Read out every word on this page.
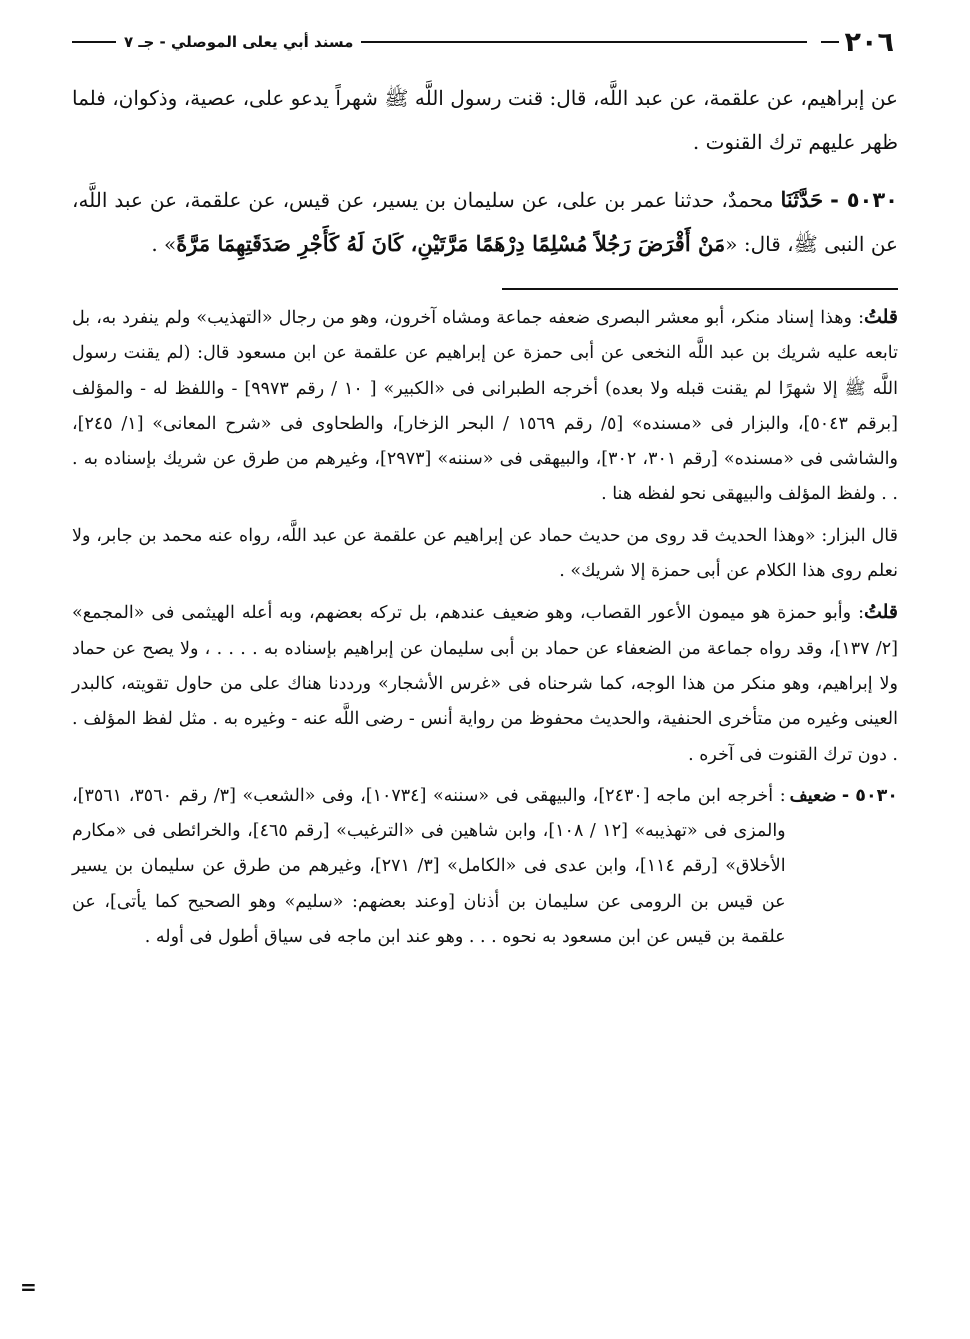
٢٠٦
مسند أبي يعلى الموصلي - جـ ٧

عن إبراهيم، عن علقمة، عن عبد اللَّه، قال: قنت رسول اللَّه ﷺ شهراً يدعو على، عصية، وذكوان، فلما ظهر عليهم ترك القنوت .

٥٠٣٠ - حَدَّثَنَا محمدٌ، حدثنا عمر بن على، عن سليمان بن يسير، عن قيس، عن علقمة، عن عبد اللَّه، عن النبى ﷺ، قال: «مَنْ أَقْرَضَ رَجُلاً مُسْلِمًا دِرْهَمًا مَرَّتَيْنِ، كَانَ لَهُ كَأَجْرِ صَدَقَتِهِمَا مَرَّةً» .

قلتُ: وهذا إسناد منكر، أبو معشر البصرى ضعفه جماعة ومشاه آخرون، وهو من رجال «التهذيب» ولم ينفرد به، بل تابعه عليه شريك بن عبد اللَّه النخعى عن أبى حمزة عن إبراهيم عن علقمة عن ابن مسعود قال: (لم يقنت رسول اللَّه ﷺ إلا شهرًا لم يقنت قبله ولا بعده) أخرجه الطبرانى فى «الكبير» [ ١٠ / رقم ٩٩٧٣] - واللفظ له - والمؤلف [برقم ٥٠٤٣]، والبزار فى «مسنده» [٥/ رقم ١٥٦٩ / البحر الزخار]، والطحاوى فى «شرح المعانى» [١/ ٢٤٥]، والشاشى فى «مسنده» [رقم ٣٠١، ٣٠٢]، والبيهقى فى «سننه» [٢٩٧٣]، وغيرهم من طرق عن شريك بإسناده به . . . ولفظ المؤلف والبيهقى نحو لفظه هنا .

قال البزار: «وهذا الحديث قد روى من حديث حماد عن إبراهيم عن علقمة عن عبد اللَّه، رواه عنه محمد بن جابر، ولا نعلم روى هذا الكلام عن أبى حمزة إلا شريك» .

قلتُ: وأبو حمزة هو ميمون الأعور القصاب، وهو ضعيف عندهم، بل تركه بعضهم، وبه أعله الهيثمى فى «المجمع» [٢/ ١٣٧]، وقد رواه جماعة من الضعفاء عن حماد بن أبى سليمان عن إبراهيم بإسناده به . . . . ، ولا يصح عن حماد ولا إبراهيم، وهو منكر من هذا الوجه، كما شرحناه فى «غرس الأشجار» ورددنا هناك على من حاول تقويته، كالبدر العينى وغيره من متأخرى الحنفية، والحديث محفوظ من رواية أنس - رضى اللَّه عنه - وغيره به . مثل لفظ المؤلف . . دون ترك القنوت فى آخره .

٥٠٣٠ - ضعيف
: أخرجه ابن ماجه [٢٤٣٠]، والبيهقى فى «سننه» [١٠٧٣٤]، وفى «الشعب» [٣/ رقم ٣٥٦٠، ٣٥٦١]، والمزى فى «تهذيبه» [١٢ / ١٠٨]، وابن شاهين فى «الترغيب» [رقم ٤٦٥]، والخرائطى فى «مكارم الأخلاق» [رقم ١١٤]، وابن عدى فى «الكامل» [٣/ ٢٧١]، وغيرهم من طرق عن سليمان بن يسير عن قيس بن الرومى عن سليمان بن أذنان [وعند بعضهم: «سليم» وهو الصحيح كما يأتى]، عن علقمة بن قيس عن ابن مسعود به نحوه . . . وهو عند ابن ماجه فى سياق أطول فى أوله .
=
